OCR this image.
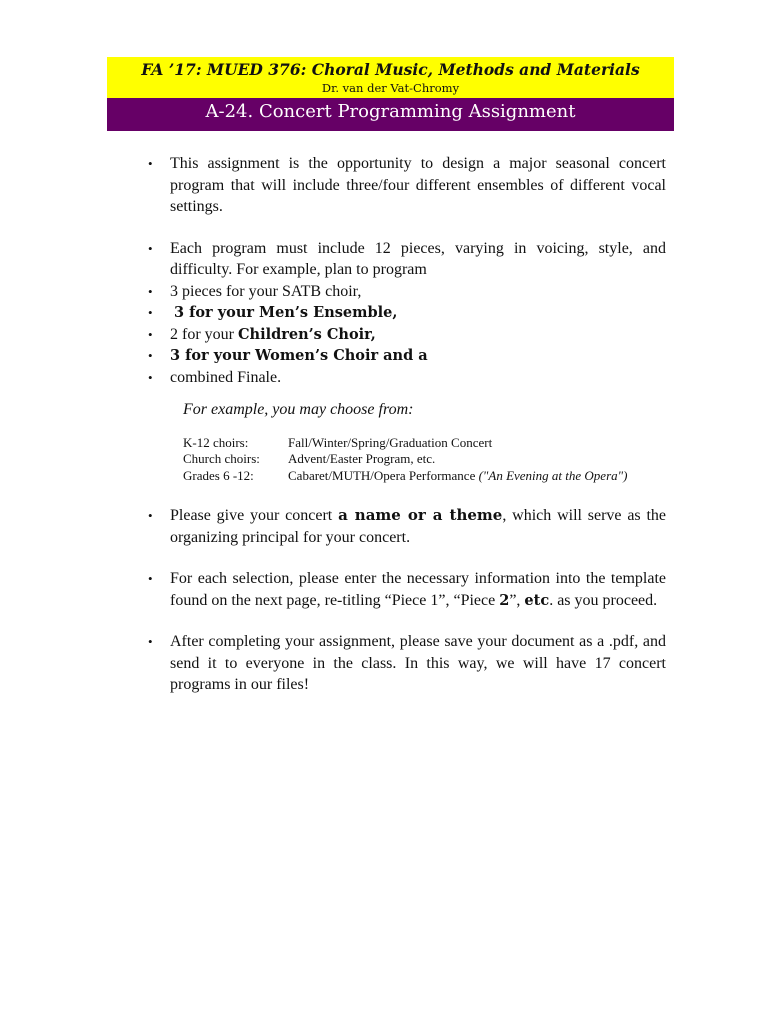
FA ’17: MUED 376: Choral Music, Methods and Materials
Dr. van der Vat-Chromy
A-24. Concert Programming Assignment
•	This assignment is the opportunity to design a major seasonal concert program that will include three/four different ensembles of different vocal settings.
•	Each program must include 12 pieces, varying in voicing, style, and difficulty. For example, plan to program
•	3 pieces for your SATB choir,
•	3 for your Men’s Ensemble,
•	2 for your Children’s Choir,
•	3 for your Women’s Choir and a
•	combined Finale.
For example, you may choose from:
K-12 choirs:	Fall/Winter/Spring/Graduation Concert
Church choirs:	Advent/Easter Program, etc.
Grades 6 -12:	Cabaret/MUTH/Opera Performance ("An Evening at the Opera")
•	Please give your concert a name or a theme, which will serve as the organizing principal for your concert.
•	For each selection, please enter the necessary information into the template found on the next page, re-titling “Piece 1”, “Piece 2”, etc. as you proceed.
•	After completing your assignment, please save your document as a .pdf, and send it to everyone in the class. In this way, we will have 17 concert programs in our files!
